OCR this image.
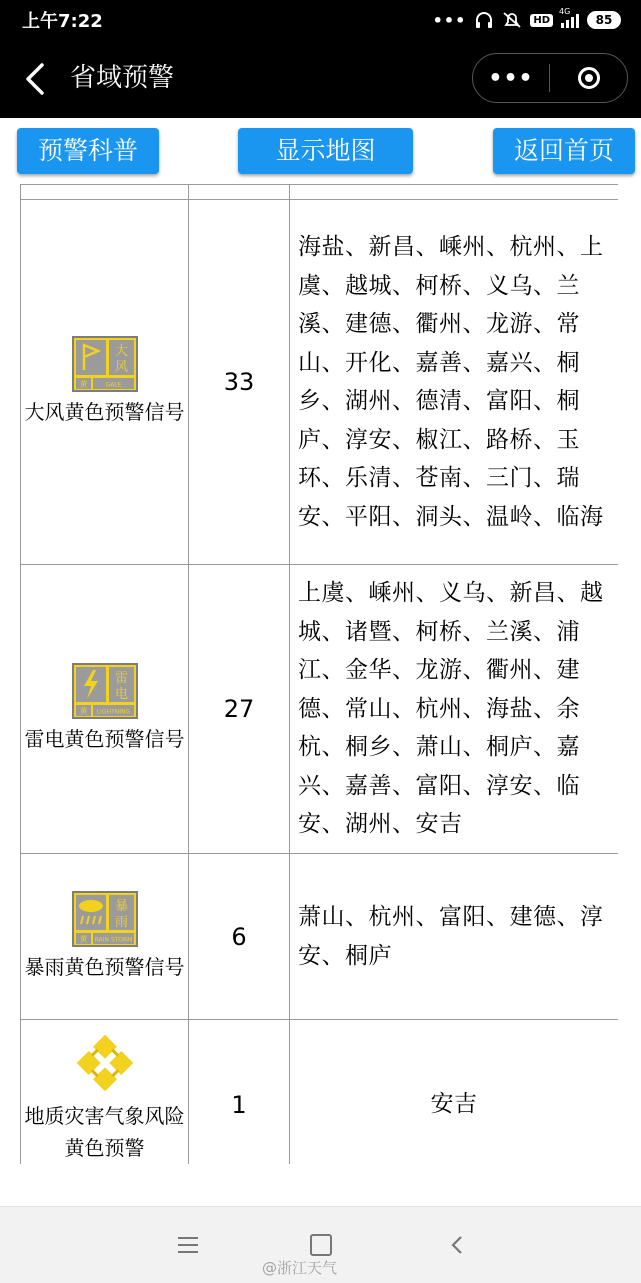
上午7:22	•••	HD
4G
85
省域预警	•••
预警科普	显示地图	返回首页

大
风
黄 GALE
大风黄色预警信号	33	海盐、新昌、嵊州、杭州、上虞、越城、柯桥、义乌、兰溪、建德、衢州、龙游、常山、开化、嘉善、嘉兴、桐乡、湖州、德清、富阳、桐庐、淳安、椒江、路桥、玉环、乐清、苍南、三门、瑞安、平阳、洞头、温岭、临海

雷
电
黄 LIGHTNING
雷电黄色预警信号	27	上虞、嵊州、义乌、新昌、越城、诸暨、柯桥、兰溪、浦江、金华、龙游、衢州、建德、常山、杭州、海盐、余杭、桐乡、萧山、桐庐、嘉兴、嘉善、富阳、淳安、临安、湖州、安吉

暴
雨
黄 RAIN STORM
暴雨黄色预警信号	6	萧山、杭州、富阳、建德、淳安、桐庐

地质灾害气象风险黄色预警	1	安吉
@浙江天气
